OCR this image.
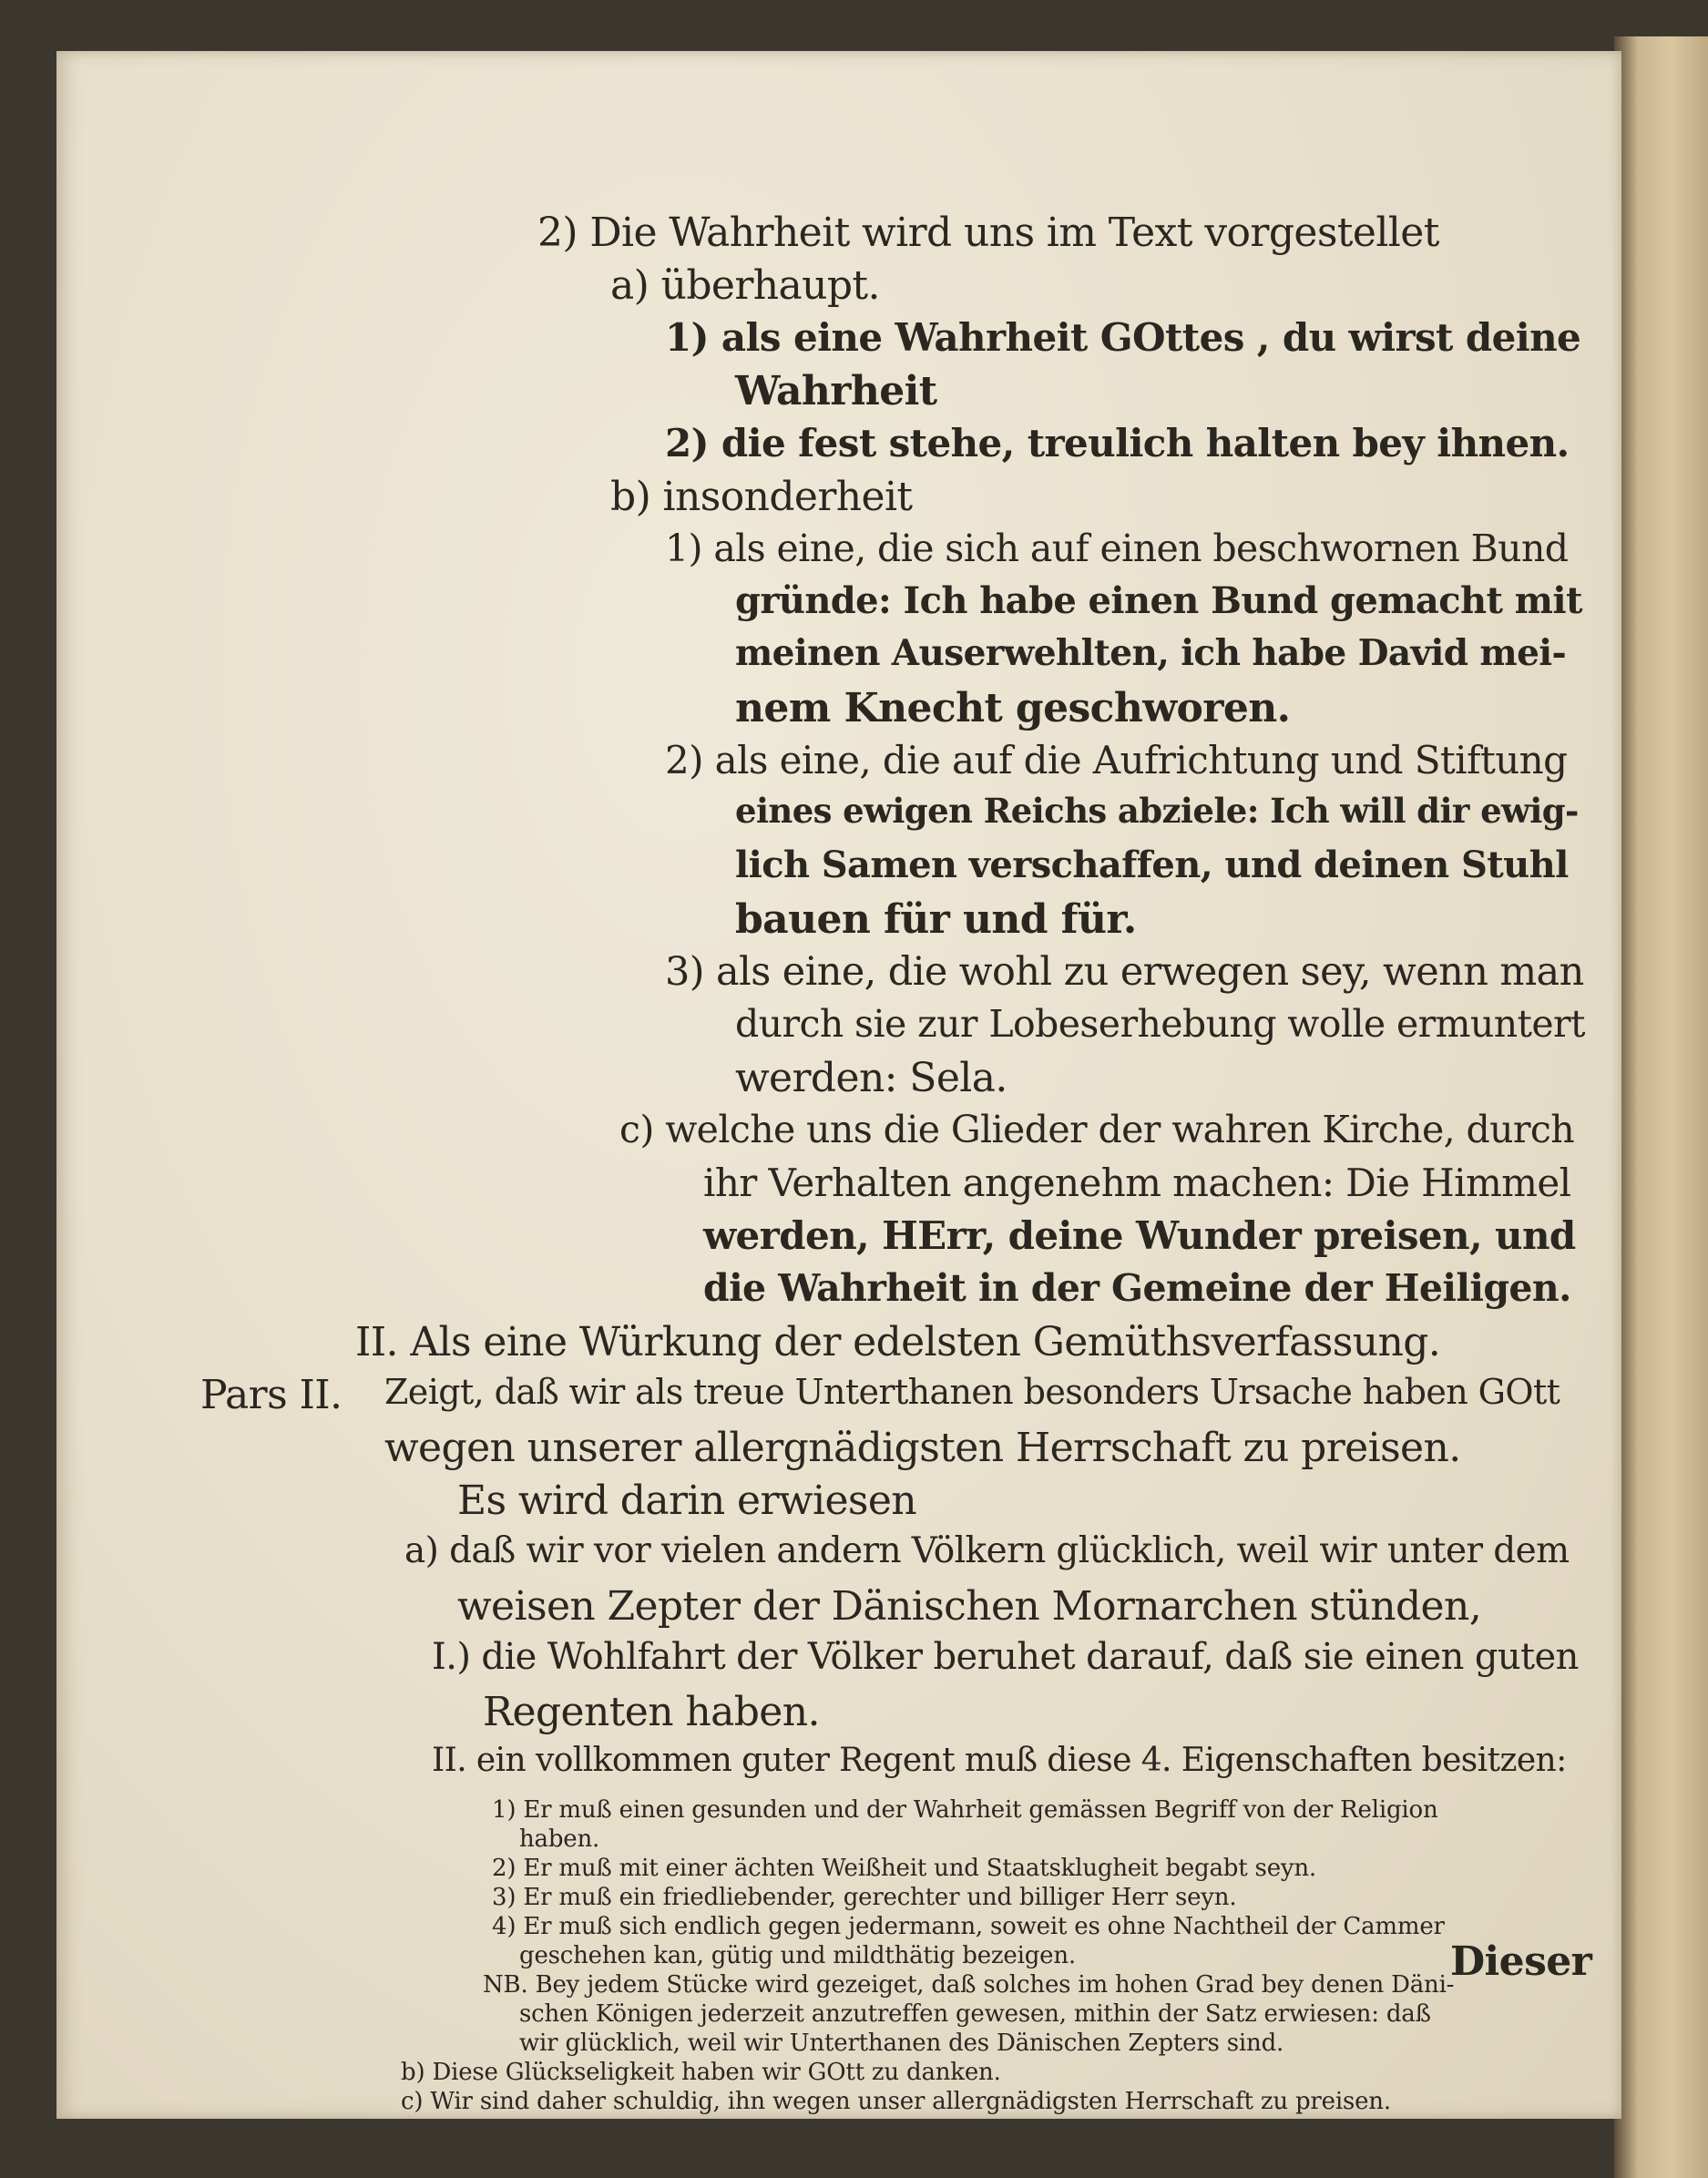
2) Die Wahrheit wird uns im Text vorgestellet
a) überhaupt.
1) als eine Wahrheit GOttes , du wirst deine
Wahrheit
2) die fest stehe, treulich halten bey ihnen.
b) insonderheit
1) als eine, die sich auf einen beschwornen Bund
gründe: Ich habe einen Bund gemacht mit
meinen Auserwehlten, ich habe David mei-
nem Knecht geschworen.
2) als eine, die auf die Aufrichtung und Stiftung
eines ewigen Reichs abziele: Ich will dir ewig-
lich Samen verschaffen, und deinen Stuhl
bauen für und für.
3) als eine, die wohl zu erwegen sey, wenn man
durch sie zur Lobeserhebung wolle ermuntert
werden: Sela.
c) welche uns die Glieder der wahren Kirche, durch
ihr Verhalten angenehm machen: Die Himmel
werden, HErr, deine Wunder preisen, und
die Wahrheit in der Gemeine der Heiligen.
II. Als eine Würkung der edelsten Gemüthsverfassung.
Pars II. Zeigt, daß wir als treue Unterthanen besonders Ursache haben GOtt
wegen unserer allergnädigsten Herrschaft zu preisen.
Es wird darin erwiesen
a) daß wir vor vielen andern Völkern glücklich, weil wir unter dem
weisen Zepter der Dänischen Mornarchen stünden,
I.) die Wohlfahrt der Völker beruhet darauf, daß sie einen guten
Regenten haben.
II. ein vollkommen guter Regent muß diese 4. Eigenschaften besitzen:
1) Er muß einen gesunden und der Wahrheit gemässen Begriff von der Religion
haben.
2) Er muß mit einer ächten Weißheit und Staatsklugheit begabt seyn.
3) Er muß ein friedliebender, gerechter und billiger Herr seyn.
4) Er muß sich endlich gegen jedermann, soweit es ohne Nachtheil der Cammer
geschehen kan, gütig und mildthätig bezeigen.
NB. Bey jedem Stücke wird gezeiget, daß solches im hohen Grad bey denen Däni-
schen Königen jederzeit anzutreffen gewesen, mithin der Satz erwiesen: daß
wir glücklich, weil wir Unterthanen des Dänischen Zepters sind.
b) Diese Glückseligkeit haben wir GOtt zu danken.
c) Wir sind daher schuldig, ihn wegen unser allergnädigsten Herrschaft zu preisen.
Dieser
